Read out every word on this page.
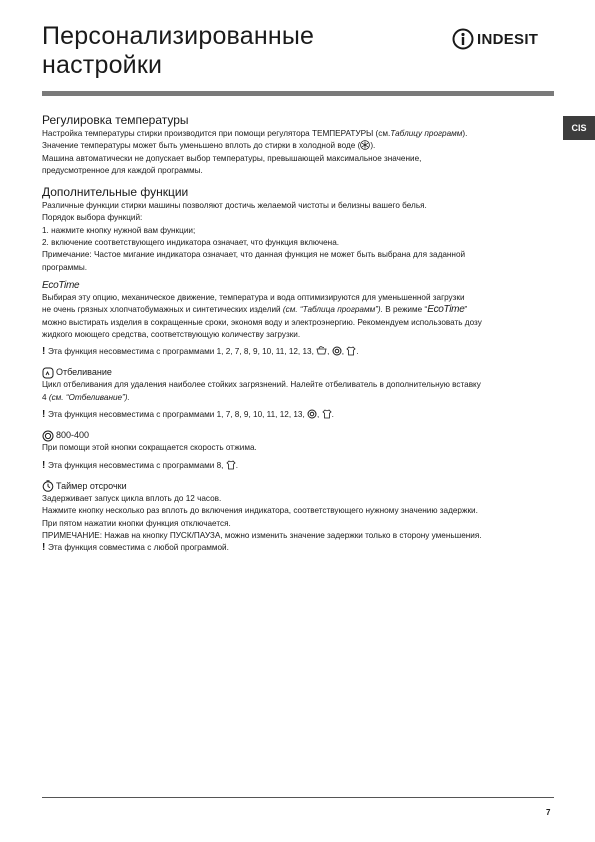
Персонализированные
настройки
INDESIT
CIS
Регулировка температуры

Настройка температуры стирки производится при помощи регулятора ТЕМПЕРАТУРЫ (см.Таблицу программ).

Значение температуры может быть уменьшено вплоть до стирки в холодной воде ( ).

Машина автоматически не допускает выбор температуры, превышающей максимальное значение,

предусмотренное для каждой программы.

Дополнительные функции

Различные функции стирки машины позволяют достичь желаемой чистоты и белизны вашего белья.

Порядок выбора функций:

1. нажмите кнопку нужной вам функции;

2. включение соответствующего индикатора означает, что функция включена.

Примечание: Частое мигание индикатора означает, что данная функция не может быть выбрана для заданной

программы.

EcoTime

Выбирая эту опцию, механическое движение, температура и вода оптимизируются для уменьшенной загрузки

не очень грязных хлопчатобумажных и синтетических изделий (см. “Таблица программ”). В режиме “EcoTime”

можно выстирать изделия в сокращенные сроки, экономя воду и электроэнергию. Рекомендуем использовать дозу

жидкого моющего средства, соответствующую количеству загрузки.

! Эта функция несовместима с программами 1, 2, 7, 8, 9, 10, 11, 12, 13, , , .

Отбеливание

Цикл отбеливания для удаления наиболее стойких загрязнений. Налейте отбеливатель в дополнительную вставку

4 (см. “Отбеливание”).

! Эта функция несовместима с программами 1, 7, 8, 9, 10, 11, 12, 13, , .

800-400

При помощи этой кнопки сокращается скорость отжима.

! Эта функция несовместима с программами 8, .

Таймер отсрочки

Задерживает запуск цикла вплоть до 12 часов.

Нажмите кнопку несколько раз вплоть до включения индикатора, соответствующего нужному значению задержки.

При пятом нажатии кнопки функция отключается.

ПРИМЕЧАНИЕ: Нажав на кнопку ПУСК/ПАУЗА, можно изменить значение задержки только в сторону уменьшения.

! Эта функция совместима с любой программой.

7
